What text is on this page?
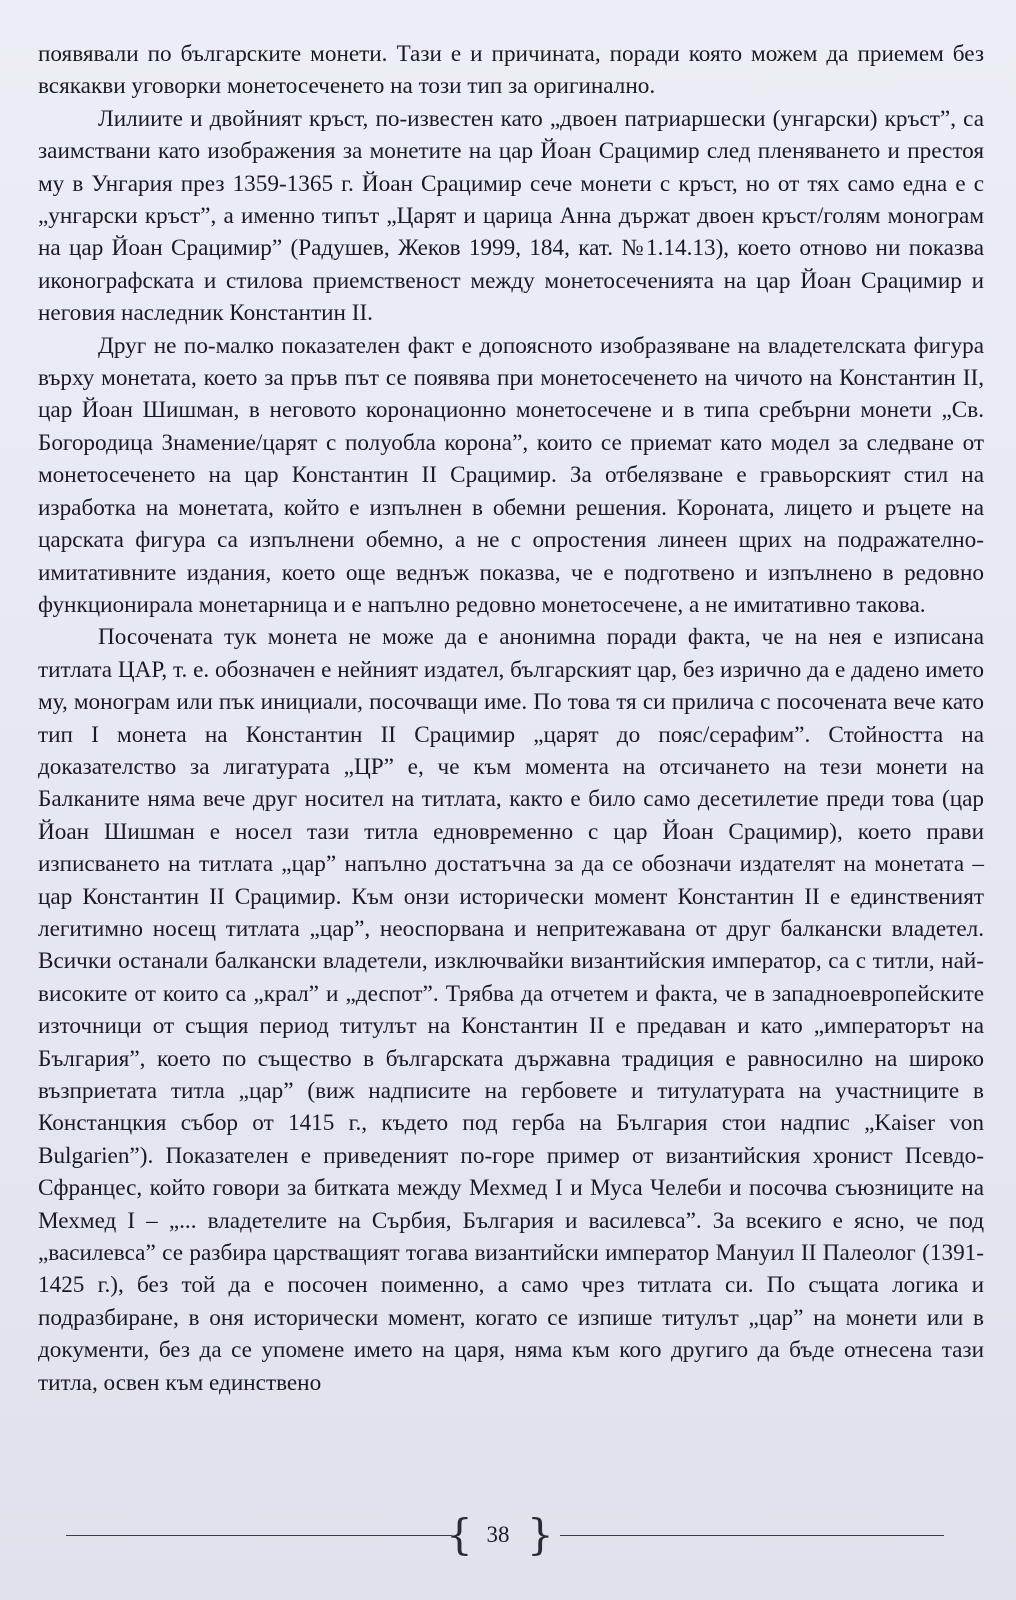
появявали по българските монети. Тази е и причината, поради която можем да приемем без всякакви уговорки монетосеченето на този тип за оригинално.

Лилиите и двойният кръст, по-известен като „двоен патриаршески (унгарски) кръст”, са заимствани като изображения за монетите на цар Йоан Срацимир след пленяването и престоя му в Унгария през 1359-1365 г. Йоан Срацимир сече монети с кръст, но от тях само една е с „унгарски кръст”, а именно типът „Царят и царица Анна държат двоен кръст/голям монограм на цар Йоан Срацимир” (Радушев, Жеков 1999, 184, кат. №1.14.13), което отново ни показва иконографската и стилова приемственост между монетосеченията на цар Йоан Срацимир и неговия наследник Константин II.

Друг не по-малко показателен факт е допоясното изобразяване на владетелската фигура върху монетата, което за пръв път се появява при монетосеченето на чичото на Константин II, цар Йоан Шишман, в неговото коронационно монетосечене и в типа сребърни монети „Св. Богородица Знамение/царят с полуобла корона”, които се приемат като модел за следване от монетосеченето на цар Константин II Срацимир. За отбелязване е гравьорският стил на изработка на монетата, който е изпълнен в обемни решения. Короната, лицето и ръцете на царската фигура са изпълнени обемно, а не с опростения линеен щрих на подражателно-имитативните издания, което още веднъж показва, че е подготвено и изпълнено в редовно функционирала монетарница и е напълно редовно монетосечене, а не имитативно такова.

Посочената тук монета не може да е анонимна поради факта, че на нея е изписана титлата ЦАР, т. е. обозначен е нейният издател, българският цар, без изрично да е дадено името му, монограм или пък инициали, посочващи име. По това тя си прилича с посочената вече като тип I монета на Константин II Срацимир „царят до пояс/серафим”. Стойността на доказателство за лигатурата „ЦР” е, че към момента на отсичането на тези монети на Балканите няма вече друг носител на титлата, както е било само десетилетие преди това (цар Йоан Шишман е носел тази титла едновременно с цар Йоан Срацимир), което прави изписването на титлата „цар” напълно достатъчна за да се обозначи издателят на монетата – цар Константин II Срацимир. Към онзи исторически момент Константин II е единственият легитимно носещ титлата „цар”, неоспорвана и непритежавана от друг балкански владетел. Всички останали балкански владетели, изключвайки византийския император, са с титли, най-високите от които са „крал” и „деспот”. Трябва да отчетем и факта, че в западноевропейските източници от същия период титулът на Константин II е предаван и като „императорът на България”, което по същество в българската държавна традиция е равносилно на широко възприетата титла „цар” (виж надписите на гербовете и титулатурата на участниците в Констанцкия събор от 1415 г., където под герба на България стои надпис „Kaiser von Bulgarien”). Показателен е приведеният по-горе пример от византийския хронист Псевдо-Сфранцес, който говори за битката между Мехмед I и Муса Челеби и посочва съюзниците на Мехмед I – „... владетелите на Сърбия, България и василевса”. За всекиго е ясно, че под „василевса” се разбира царстващият тогава византийски император Мануил II Палеолог (1391-1425 г.), без той да е посочен поименно, а само чрез титлата си. По същата логика и подразбиране, в оня исторически момент, когато се изпише титулът „цар” на монети или в документи, без да се упомене името на царя, няма към кого другиго да бъде отнесена тази титла, освен към единствено

{ 38 }
